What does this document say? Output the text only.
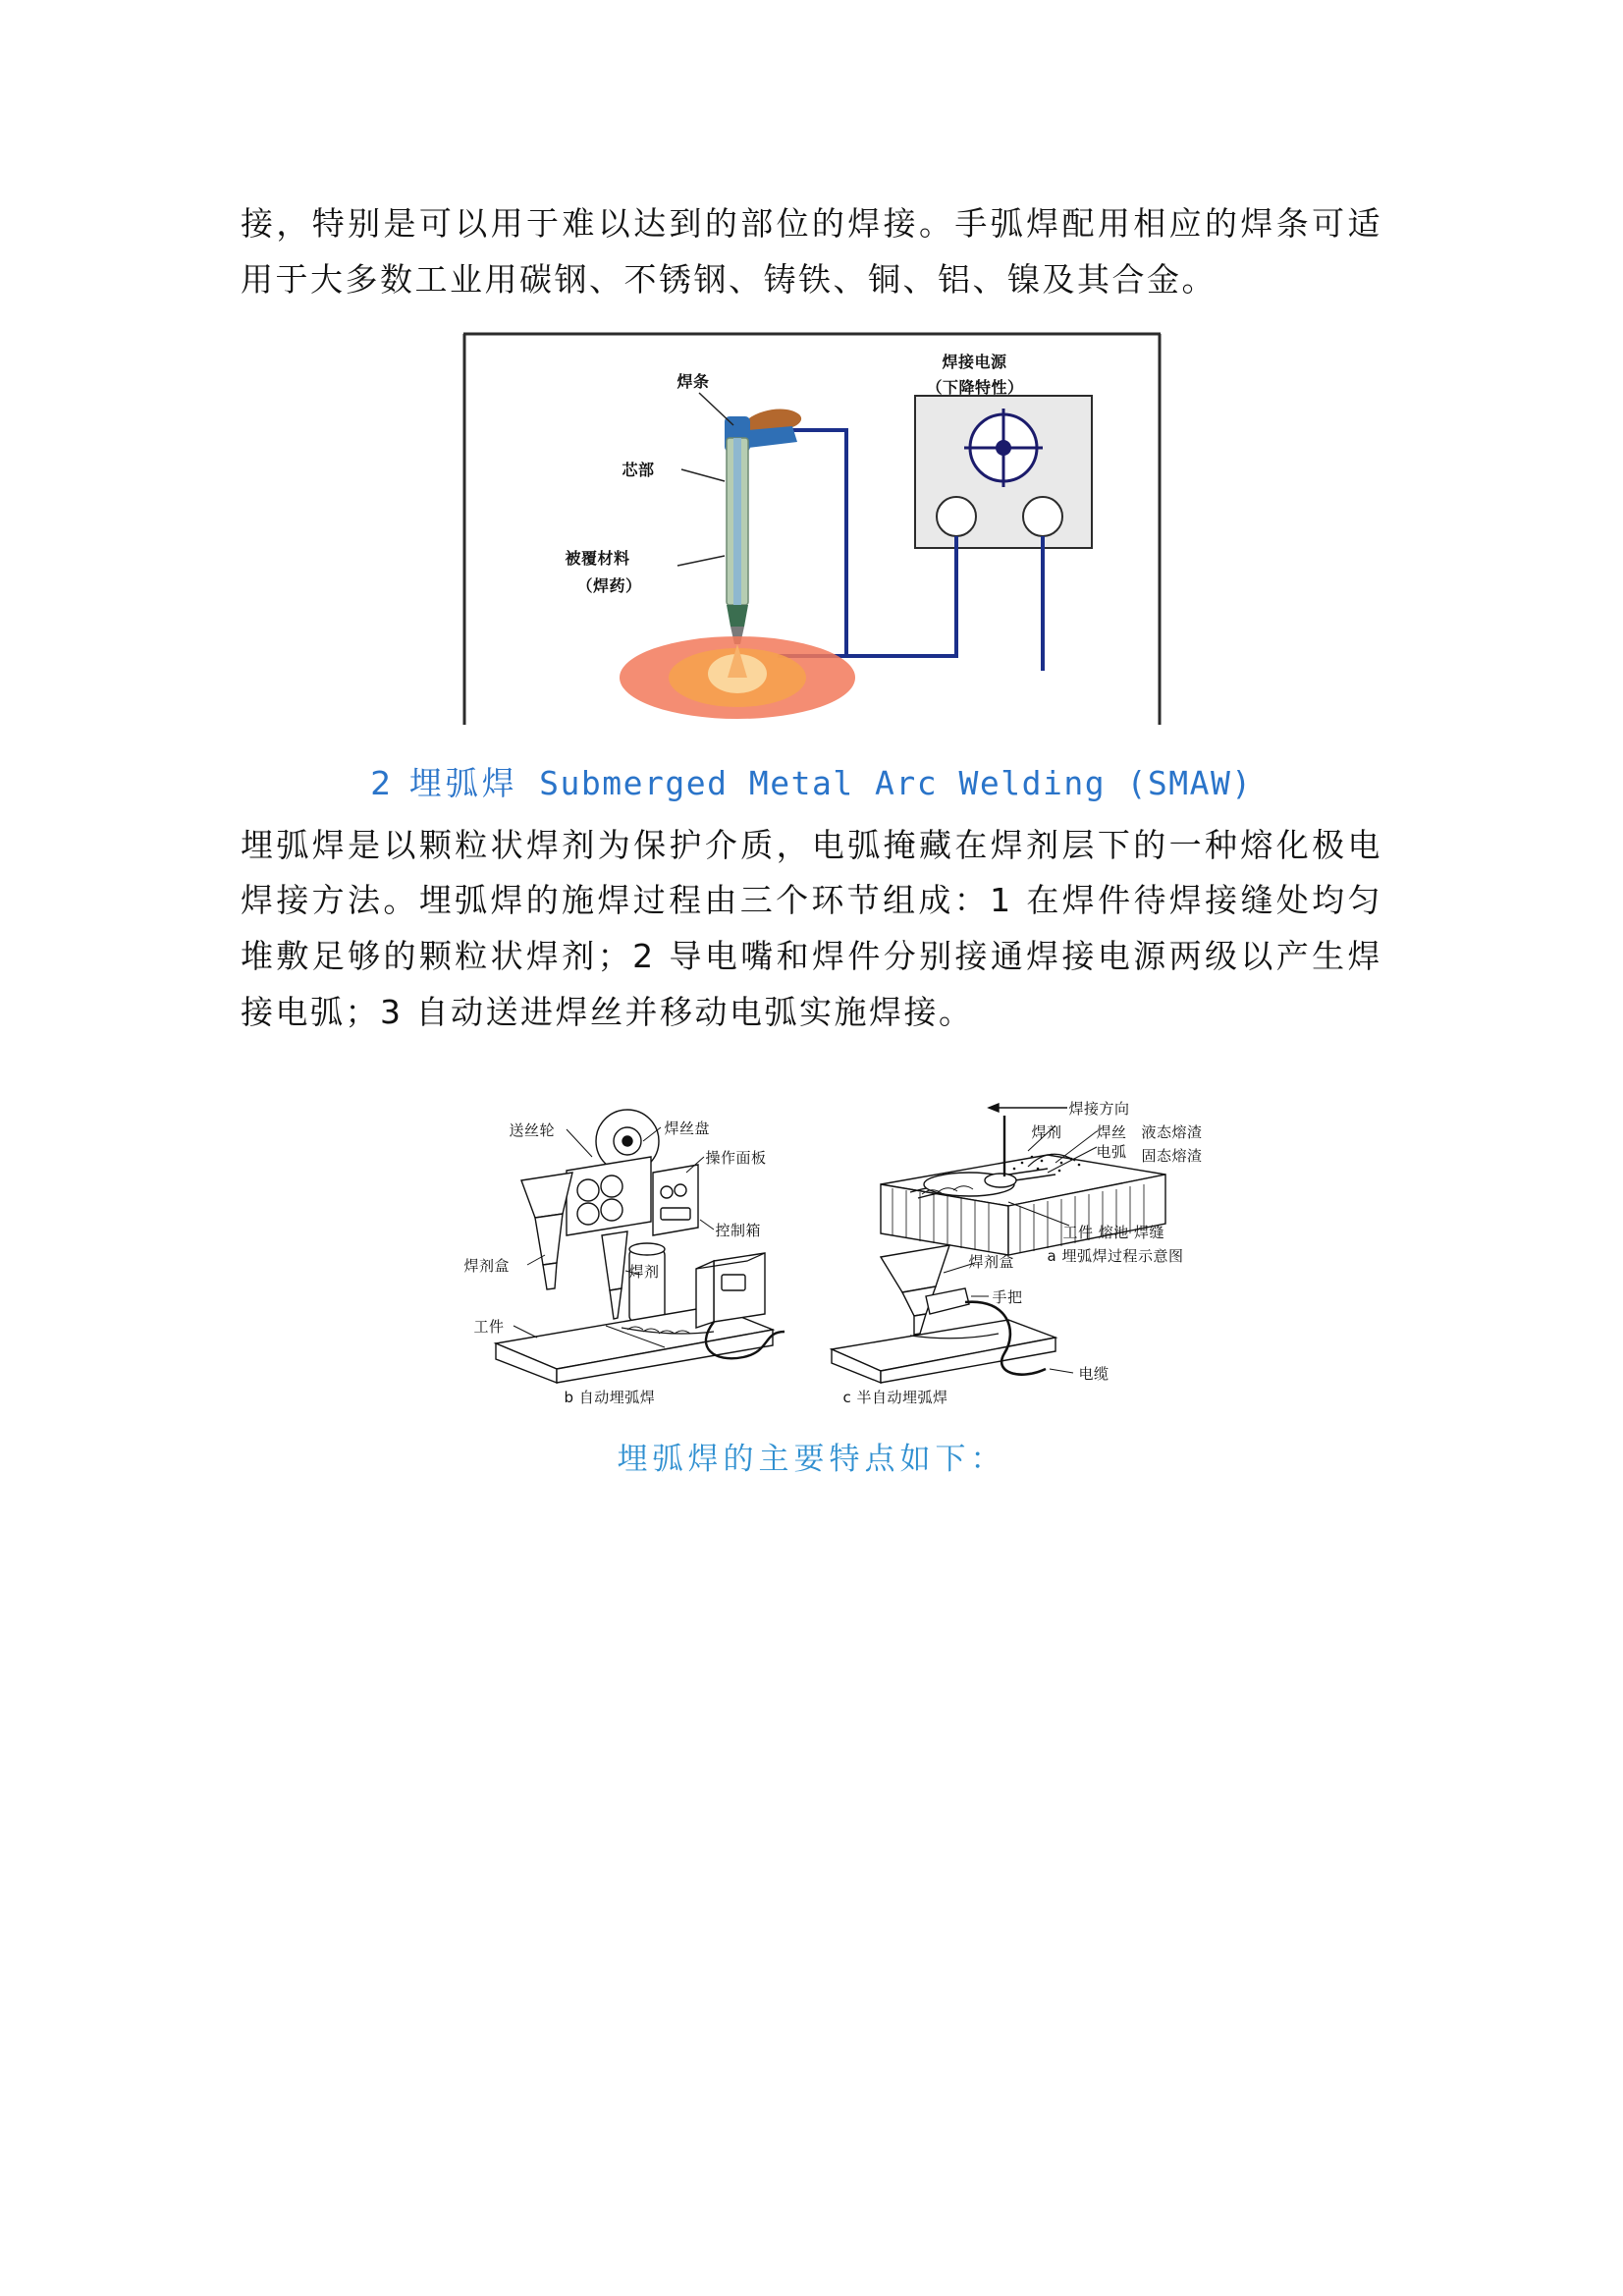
接，特别是可以用于难以达到的部位的焊接。手弧焊配用相应的焊条可适用于大多数工业用碳钢、不锈钢、铸铁、铜、铝、镍及其合金。

焊条
芯部
被覆材料
（焊药）
焊接电源
（下降特性）
2 埋弧焊 Submerged Metal Arc Welding (SMAW)

埋弧焊是以颗粒状焊剂为保护介质，电弧掩藏在焊剂层下的一种熔化极电　焊接方法。埋弧焊的施焊过程由三个环节组成：1 在焊件待焊接缝处均匀堆敷足够的颗粒状焊剂；2 导电嘴和焊件分别接通焊接电源两级以产生焊接电弧；3 自动送进焊丝并移动电弧实施焊接。

送丝轮	焊丝盘
操作面板
控制箱
焊剂盒	焊剂
工件
焊接方向
焊丝
电弧
焊剂	液态熔渣
固态熔渣
工件 熔池 焊缝
a 埋弧焊过程示意图
焊剂盒
手把
电缆
b 自动埋弧焊	c 半自动埋弧焊

埋弧焊的主要特点如下：
